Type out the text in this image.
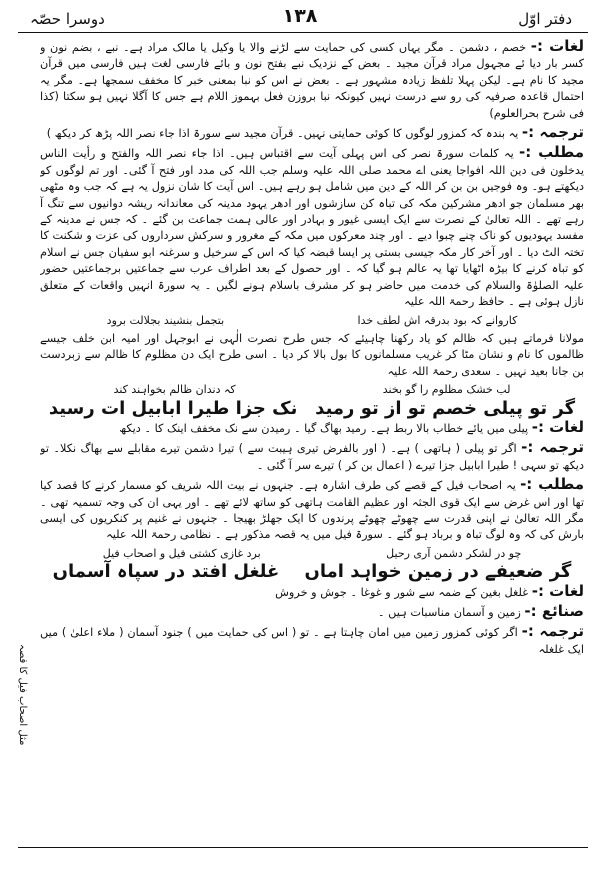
دفتر اوّل
۱۳۸
دوسرا حصّہ

لغات :- خصم ، دشمن ۔ مگر یہاں کسی کی حمایت سے لڑنے والا یا وکیل یا مالک مراد ہے۔ نبے ، بضم نون و کسر بار دیا ئے مجہول مراد قرآن مجید ۔ بعض کے نزدیک نبے بفتح نون و بائے فارسی لغت ہیں فارسی میں قرآن مجید کا نام ہے۔ لیکن پہلا تلفظ زیادہ مشہور ہے ۔ بعض نے اس کو نبا بمعنی خبر کا مخفف سمجھا ہے۔ مگر یہ احتمال قاعدہ صرفیہ کی رو سے درست نہیں کیونکہ نبا بروزن فعل بہموز اللام ہے جس کا آگلا نہیں ہو سکتا (کذا فی شرح بحرالعلوم)

ترجمہ :- یہ بندہ کہ کمزور لوگوں کا کوئی حمایتی نہیں۔ قرآن مجید سے سورۃ اذا جاء نصر اللہ پڑھ کر دیکھ )

مطلب :- یہ کلمات سورۃ نصر کی اس پہلی آیت سے اقتباس ہیں۔ اذا جاء نصر اللہ والفتح و رأیت الناس یدخلون فی دین اللہ افواجا یعنی اے محمد صلی اللہ علیہ وسلم جب اللہ کی مدد اور فتح آ گئی۔ اور تم لوگوں کو دیکھتے ہو۔ وہ فوجیں بن بن کر اللہ کے دین میں شامل ہو رہے ہیں۔ اس آیت کا شان نزول یہ ہے کہ جب وہ مٹھی بھر مسلمان جو ادھر مشرکین مکہ کی تباہ کن سازشوں اور ادھر یہود مدینہ کی معاندانہ ریشہ دوانیوں سے تنگ آ رہے تھے ۔ اللہ تعالیٰ کے نصرت سے ایک ایسی غیور و بہادر اور عالی ہمت جماعت بن گئے ۔ کہ جس نے مدینہ کے مفسد یہودیوں کو ناک چنے چبوا دیے ۔ اور چند معرکوں میں مکہ کے مغرور و سرکش سرداروں کی عزت و شکنت کا تختہ الٹ دیا ۔ اور آخر کار مکہ جیسی بستی پر ایسا قبضہ کیا کہ اس کے سرخیل و سرغنہ ابو سفیان جس نے اسلام کو تباہ کرنے کا بیڑہ اٹھایا تھا یہ عالم ہو گیا کہ ۔ اور حصول کے بعد اطراف عرب سے جماعتیں برجماعتیں حضور علیہ الصلوٰۃ والسلام کی خدمت میں حاضر ہو کر مشرف باسلام ہونے لگیں ۔ یہ سورۃ انہیں واقعات کے متعلق نازل ہوئی ہے ۔ حافظ رحمۃ اللہ علیہ

کاروانے کہ بود بدرقہ اش لطف خدا
بتجمل بنشیند بجلالت برود

مولانا فرماتے ہیں کہ ظالم کو یاد رکھنا چاہیئے کہ جس طرح نصرت الٰہی نے ابوجہل اور امیہ ابن خلف جیسے ظالموں کا نام و نشان مٹا کر غریب مسلمانوں کا بول بالا کر دیا ۔ اسی طرح ایک دن مظلوم کا ظالم سے زبردست بن جانا بعید نہیں ۔ سعدی رحمۃ اللہ علیہ

لب خشک مظلوم را گو بخند
کہ دندان ظالم بخواہند کند
گر تو پیلی خصم تو از تو رمید
نک جزا طیرا ابابیل ات رسید

لغات :- پیلی میں یائے خطاب بالا ربط ہے۔ رمید بھاگ گیا ۔ رمیدن سے نک مخفف اینک کا ۔ دیکھ

ترجمہ :- اگر تو پیلی ( ہاتھی ) ہے۔ ( اور بالفرض تیری ہیبت سے ) تیرا دشمن تیرے مقابلے سے بھاگ نکلا۔ تو دیکھ تو سہی ! طیرا ابابیل جزا تیرے ( اعمال بن کر ) تیرے سر آ گئی ۔

مطلب :- یہ اصحاب فیل کے قصے کی طرف اشارہ ہے۔ جنہوں نے بیت اللہ شریف کو مسمار کرنے کا قصد کیا تھا اور اس غرض سے ایک قوی الجثہ اور عظیم القامت ہاتھی کو ساتھ لائے تھے ۔ اور یہی ان کی وجہ تسمیہ تھی ۔ مگر اللہ تعالیٰ نے اپنی قدرت سے چھوٹے چھوٹے پرندوں کا ایک جھلڑ بھیجا ۔ جنہوں نے غنیم پر کنکریوں کی ایسی بارش کی کہ وہ لوگ تباہ و برباد ہو گئے ۔ سورۃ فیل میں یہ قصہ مذکور ہے ۔ نظامی رحمۃ اللہ علیہ

چو در لشکر دشمن آری رحیل
برد غازی کشتی فیل و اصحاب فیل
گر ضعیفے در زمین خواہد اماں
غلغل افتد در سپاہ آسماں

لغات :- غلغل بغین کے ضمہ سے شور و غوغا ۔ جوش و خروش

صنائع :- زمین و آسمان مناسبات ہیں ۔

ترجمہ :- اگر کوئی کمزور زمین میں امان چاہتا ہے ۔ تو ( اس کی حمایت میں ) جنود آسمان ( ملاء اعلیٰ ) میں ایک غلغلہ

مثل اصحاب فیل کا قصہ
